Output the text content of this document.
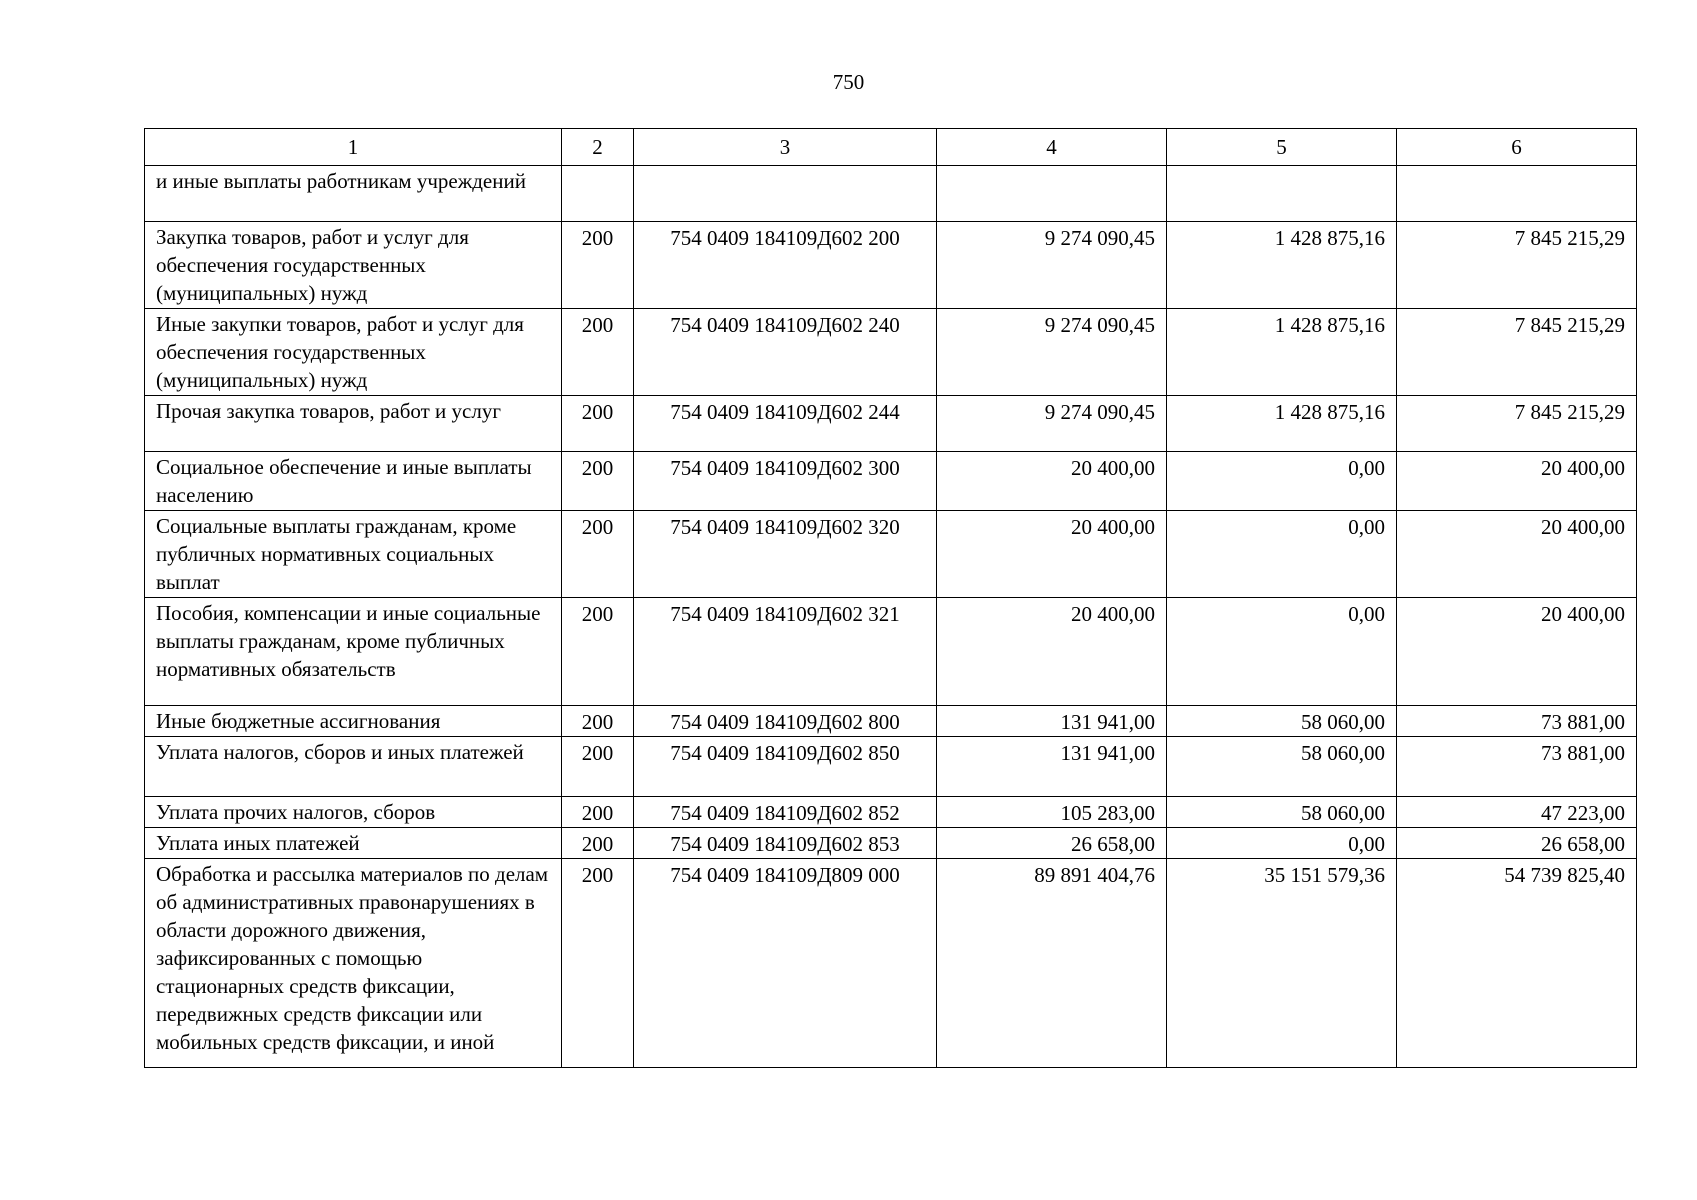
750
1	2	3	4	5	6
и иные выплаты работникам учреждений					
Закупка товаров, работ и услуг для обеспечения государственных (муниципальных) нужд	200	754 0409 184109Д602 200	9 274 090,45	1 428 875,16	7 845 215,29
Иные закупки товаров, работ и услуг для обеспечения государственных (муниципальных) нужд	200	754 0409 184109Д602 240	9 274 090,45	1 428 875,16	7 845 215,29
Прочая закупка товаров, работ и услуг	200	754 0409 184109Д602 244	9 274 090,45	1 428 875,16	7 845 215,29
Социальное обеспечение и иные выплаты населению	200	754 0409 184109Д602 300	20 400,00	0,00	20 400,00
Социальные выплаты гражданам, кроме публичных нормативных социальных выплат	200	754 0409 184109Д602 320	20 400,00	0,00	20 400,00
Пособия, компенсации и иные социальные выплаты гражданам, кроме публичных нормативных обязательств	200	754 0409 184109Д602 321	20 400,00	0,00	20 400,00
Иные бюджетные ассигнования	200	754 0409 184109Д602 800	131 941,00	58 060,00	73 881,00
Уплата налогов, сборов и иных платежей	200	754 0409 184109Д602 850	131 941,00	58 060,00	73 881,00
Уплата прочих налогов, сборов	200	754 0409 184109Д602 852	105 283,00	58 060,00	47 223,00
Уплата иных платежей	200	754 0409 184109Д602 853	26 658,00	0,00	26 658,00
Обработка и рассылка материалов по делам об административных правонарушениях в области дорожного движения, зафиксированных с помощью стационарных средств фиксации, передвижных средств фиксации или мобильных средств фиксации, и иной	200	754 0409 184109Д809 000	89 891 404,76	35 151 579,36	54 739 825,40
